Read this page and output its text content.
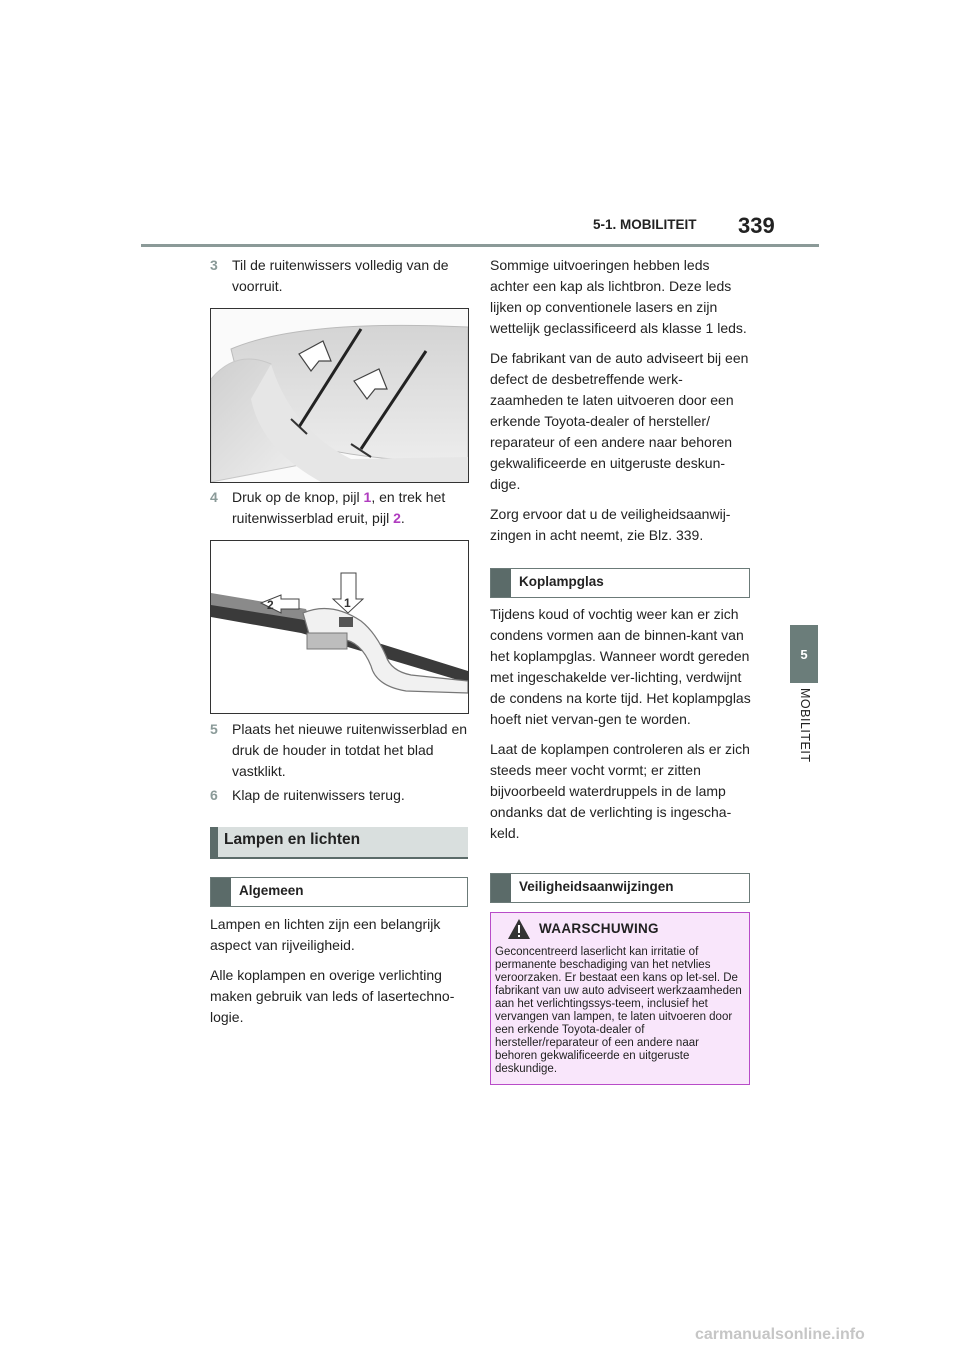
5-1. MOBILITEIT 339
5
MOBILITEIT
3 Til de ruitenwissers volledig van de voorruit.
4 Druk op de knop, pijl 1, en trek het ruitenwisserblad eruit, pijl 2.
2	1
5 Plaats het nieuwe ruitenwisserblad en druk de houder in totdat het blad vastklikt.
6 Klap de ruitenwissers terug.
Lampen en lichten
Algemeen

Lampen en lichten zijn een belangrijk aspect van rijveiligheid.

Alle koplampen en overige verlichting maken gebruik van leds of lasertechno-logie.

Sommige uitvoeringen hebben leds achter een kap als lichtbron. Deze leds lijken op conventionele lasers en zijn wettelijk geclassificeerd als klasse 1 leds.

De fabrikant van de auto adviseert bij een defect de desbetreffende werk-zaamheden te laten uitvoeren door een erkende Toyota-dealer of hersteller/ reparateur of een andere naar behoren gekwalificeerde en uitgeruste deskun-dige.

Zorg ervoor dat u de veiligheidsaanwij-zingen in acht neemt, zie Blz. 339.

Koplampglas

Tijdens koud of vochtig weer kan er zich condens vormen aan de binnen-kant van het koplampglas. Wanneer wordt gereden met ingeschakelde ver-lichting, verdwijnt de condens na korte tijd. Het koplampglas hoeft niet vervan-gen te worden.

Laat de koplampen controleren als er zich steeds meer vocht vormt; er zitten bijvoorbeeld waterdruppels in de lamp ondanks dat de verlichting is ingescha-keld.

Veiligheidsaanwijzingen
WAARSCHUWING
Geconcentreerd laserlicht kan irritatie of permanente beschadiging van het netvlies veroorzaken. Er bestaat een kans op let-sel. De fabrikant van uw auto adviseert werkzaamheden aan het verlichtingssys-teem, inclusief het vervangen van lampen, te laten uitvoeren door een erkende Toyota-dealer of hersteller/reparateur of een andere naar behoren gekwalificeerde en uitgeruste deskundige.
carmanualsonline.info
